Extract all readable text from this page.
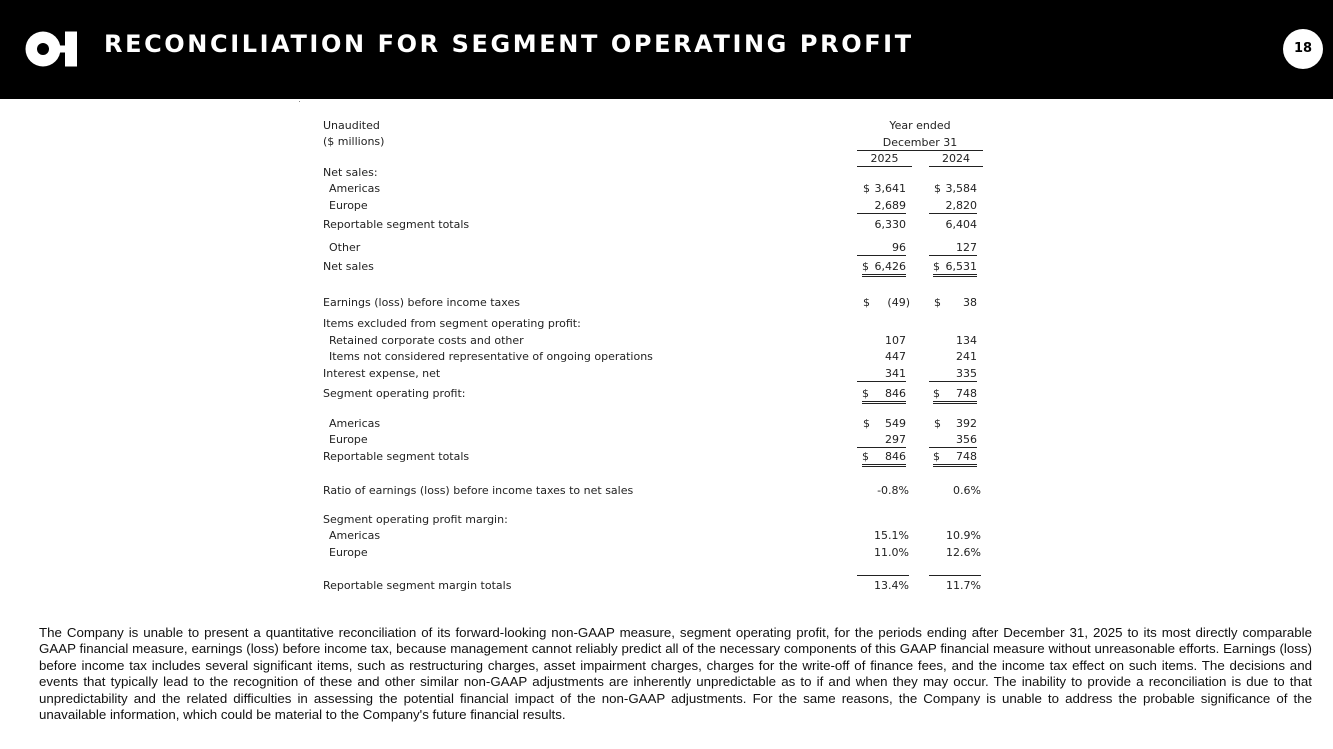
RECONCILIATION FOR SEGMENT OPERATING PROFIT	18
Unaudited
($ millions)
Year ended
December 31
2025	2024
Net sales:
Americas	$ 3,641	$ 3,584
Europe	2,689	2,820
Reportable segment totals	6,330	6,404
Other	96	127
Net sales	$ 6,426 $ 6,531
Earnings (loss) before income taxes	$	(49) $	38
Items excluded from segment operating profit:
Retained corporate costs and other	107	134
Items not considered representative of ongoing operations	447	241
Interest expense, net	341	335
Segment operating profit:	$ 846 $ 748
Americas	$	549	$	392
Europe	297	356
Reportable segment totals	$ 846 $ 748
Ratio of earnings (loss) before income taxes to net sales	-0.8%	0.6%
Segment operating profit margin:
Americas	15.1%	10.9%
Europe	11.0%	12.6%
Reportable segment margin totals	13.4%	11.7%
The Company is unable to present a quantitative reconciliation of its forward-looking non-GAAP measure, segment operating profit, for the periods ending after December 31, 2025 to its most directly comparable GAAP financial measure, earnings (loss) before income tax, because management cannot reliably predict all of the necessary components of this GAAP financial measure without unreasonable efforts. Earnings (loss) before income tax includes several significant items, such as restructuring charges, asset impairment charges, charges for the write-off of finance fees, and the income tax effect on such items. The decisions and events that typically lead to the recognition of these and other similar non-GAAP adjustments are inherently unpredictable as to if and when they may occur. The inability to provide a reconciliation is due to that unpredictability and the related difficulties in assessing the potential financial impact of the non-GAAP adjustments. For the same reasons, the Company is unable to address the probable significance of the unavailable information, which could be material to the Company's future financial results.
